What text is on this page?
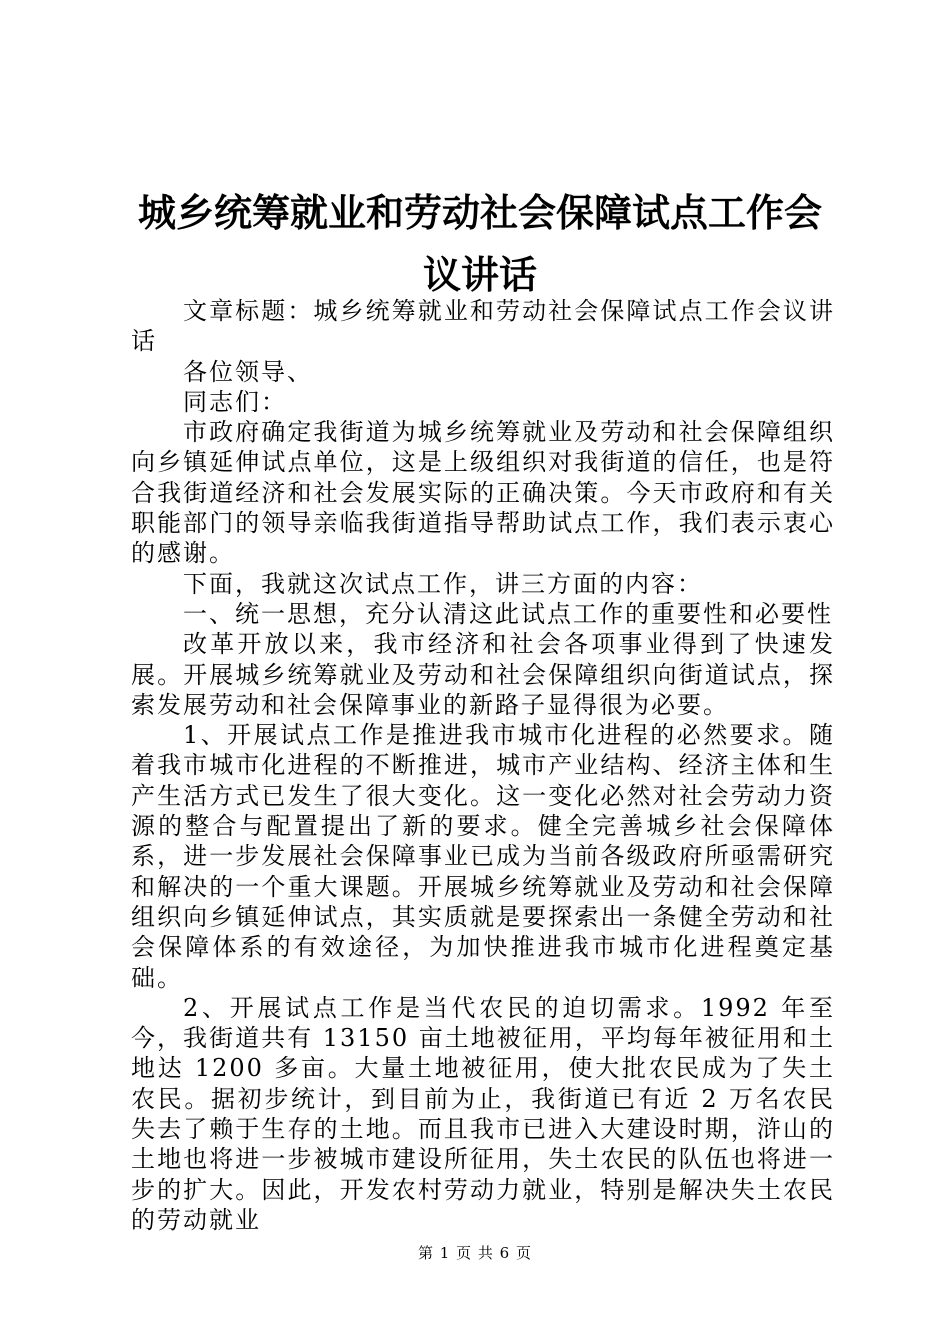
城乡统筹就业和劳动社会保障试点工作会议讲话

文章标题：城乡统筹就业和劳动社会保障试点工作会议讲话

各位领导、

同志们：

市政府确定我街道为城乡统筹就业及劳动和社会保障组织向乡镇延伸试点单位，这是上级组织对我街道的信任，也是符合我街道经济和社会发展实际的正确决策。今天市政府和有关职能部门的领导亲临我街道指导帮助试点工作，我们表示衷心的感谢。

下面，我就这次试点工作，讲三方面的内容：

一、统一思想，充分认清这此试点工作的重要性和必要性

改革开放以来，我市经济和社会各项事业得到了快速发展。开展城乡统筹就业及劳动和社会保障组织向街道试点，探索发展劳动和社会保障事业的新路子显得很为必要。

1、开展试点工作是推进我市城市化进程的必然要求。随着我市城市化进程的不断推进，城市产业结构、经济主体和生产生活方式已发生了很大变化。这一变化必然对社会劳动力资源的整合与配置提出了新的要求。健全完善城乡社会保障体系，进一步发展社会保障事业已成为当前各级政府所亟需研究和解决的一个重大课题。开展城乡统筹就业及劳动和社会保障组织向乡镇延伸试点，其实质就是要探索出一条健全劳动和社会保障体系的有效途径，为加快推进我市城市化进程奠定基础。

2、开展试点工作是当代农民的迫切需求。1992 年至今，我街道共有 13150 亩土地被征用，平均每年被征用和土地达 1200 多亩。大量土地被征用，使大批农民成为了失土农民。据初步统计，到目前为止，我街道已有近 2 万名农民失去了赖于生存的土地。而且我市已进入大建设时期，浒山的土地也将进一步被城市建设所征用，失土农民的队伍也将进一步的扩大。因此，开发农村劳动力就业，特别是解决失土农民的劳动就业

第 1 页 共 6 页
